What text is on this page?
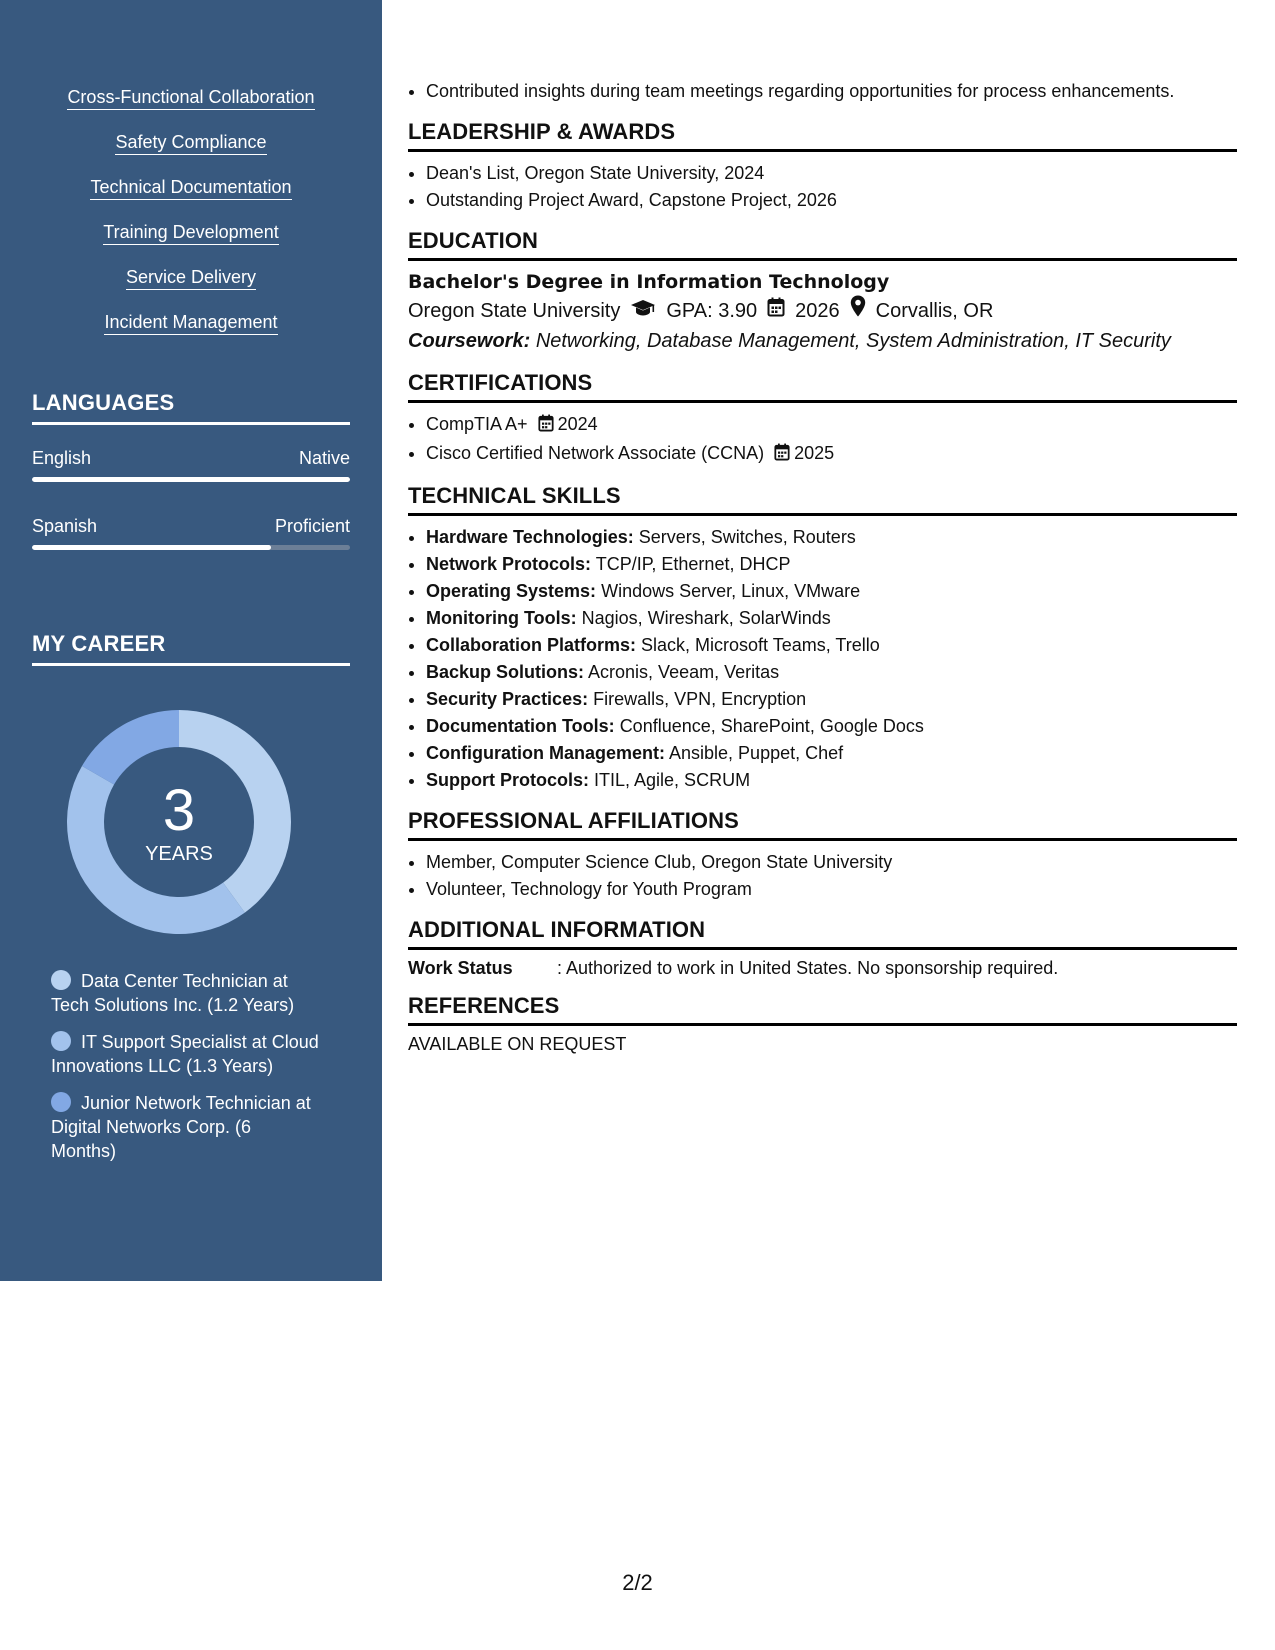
Cross-Functional Collaboration
Safety Compliance
Technical Documentation
Training Development
Service Delivery
Incident Management
LANGUAGES
English	Native
Spanish	Proficient
MY CAREER
3
YEARS
Data Center Technician at Tech Solutions Inc. (1.2 Years)
IT Support Specialist at Cloud Innovations LLC (1.3 Years)
Junior Network Technician at Digital Networks Corp. (6 Months)
• Contributed insights during team meetings regarding opportunities for process enhancements.
LEADERSHIP & AWARDS
• Dean's List, Oregon State University, 2024
• Outstanding Project Award, Capstone Project, 2026
EDUCATION
Bachelor's Degree in Information Technology
Oregon State University GPA: 3.90 2026 Corvallis, OR
Coursework: Networking, Database Management, System Administration, IT Security
CERTIFICATIONS
• CompTIA A+ 2024
• Cisco Certified Network Associate (CCNA) 2025
TECHNICAL SKILLS
• Hardware Technologies: Servers, Switches, Routers
• Network Protocols: TCP/IP, Ethernet, DHCP
• Operating Systems: Windows Server, Linux, VMware
• Monitoring Tools: Nagios, Wireshark, SolarWinds
• Collaboration Platforms: Slack, Microsoft Teams, Trello
• Backup Solutions: Acronis, Veeam, Veritas
• Security Practices: Firewalls, VPN, Encryption
• Documentation Tools: Confluence, SharePoint, Google Docs
• Configuration Management: Ansible, Puppet, Chef
• Support Protocols: ITIL, Agile, SCRUM
PROFESSIONAL AFFILIATIONS
• Member, Computer Science Club, Oregon State University
• Volunteer, Technology for Youth Program
ADDITIONAL INFORMATION
Work Status	: Authorized to work in United States. No sponsorship required.
REFERENCES
AVAILABLE ON REQUEST
2/2
